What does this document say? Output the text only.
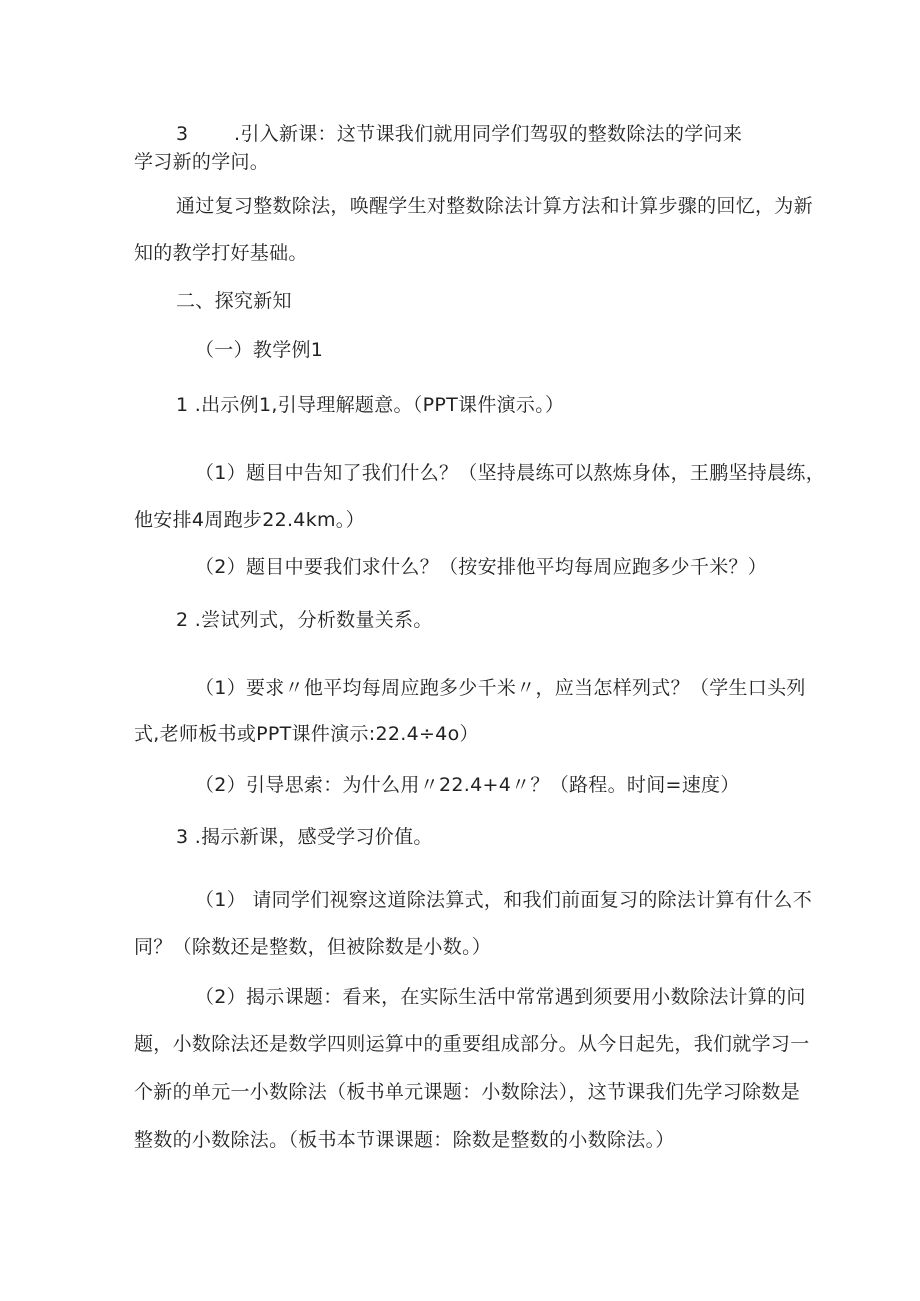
3 .引入新课：这节课我们就用同学们驾驭的整数除法的学问来
学习新的学问。
通过复习整数除法，唤醒学生对整数除法计算方法和计算步骤的回忆，为新
知的教学打好基础。
二、探究新知
（一）教学例1
1 .出示例1,引导理解题意。（PPT课件演示。）
（1）题目中告知了我们什么？（坚持晨练可以熬炼身体，王鹏坚持晨练，
他安排4周跑步22.4km。）
（2）题目中要我们求什么？（按安排他平均每周应跑多少千米？）
2 .尝试列式，分析数量关系。
（1）要求〃他平均每周应跑多少千米〃，应当怎样列式？（学生口头列
式,老师板书或PPT课件演示:22.4÷4o）
（2）引导思索：为什么用〃22.4+4〃？（路程。时间=速度）
3 .揭示新课，感受学习价值。
（1） 请同学们视察这道除法算式，和我们前面复习的除法计算有什么不
同？（除数还是整数，但被除数是小数。）
（2）揭示课题：看来，在实际生活中常常遇到须要用小数除法计算的问
题，小数除法还是数学四则运算中的重要组成部分。从今日起先，我们就学习一
个新的单元一小数除法（板书单元课题：小数除法），这节课我们先学习除数是
整数的小数除法。（板书本节课课题：除数是整数的小数除法。）
